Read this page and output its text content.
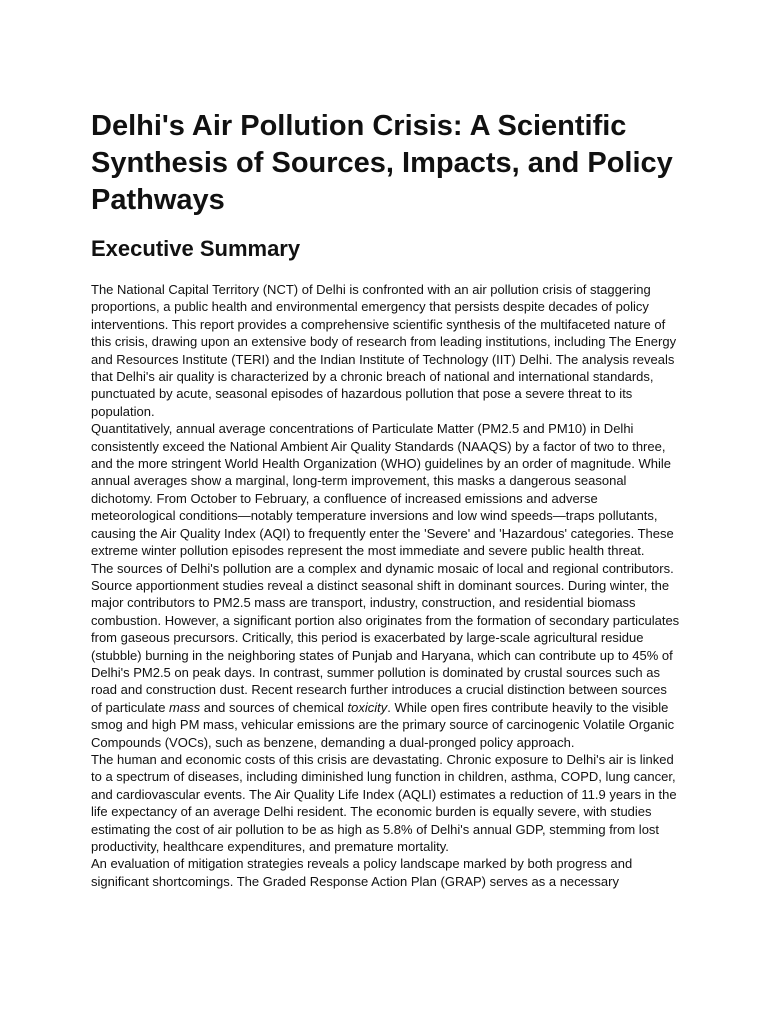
Delhi's Air Pollution Crisis: A Scientific Synthesis of Sources, Impacts, and Policy Pathways
Executive Summary

The National Capital Territory (NCT) of Delhi is confronted with an air pollution crisis of staggering proportions, a public health and environmental emergency that persists despite decades of policy interventions. This report provides a comprehensive scientific synthesis of the multifaceted nature of this crisis, drawing upon an extensive body of research from leading institutions, including The Energy and Resources Institute (TERI) and the Indian Institute of Technology (IIT) Delhi. The analysis reveals that Delhi's air quality is characterized by a chronic breach of national and international standards, punctuated by acute, seasonal episodes of hazardous pollution that pose a severe threat to its population.

Quantitatively, annual average concentrations of Particulate Matter (PM2.5 and PM10) in Delhi consistently exceed the National Ambient Air Quality Standards (NAAQS) by a factor of two to three, and the more stringent World Health Organization (WHO) guidelines by an order of magnitude. While annual averages show a marginal, long-term improvement, this masks a dangerous seasonal dichotomy. From October to February, a confluence of increased emissions and adverse meteorological conditions—notably temperature inversions and low wind speeds—traps pollutants, causing the Air Quality Index (AQI) to frequently enter the 'Severe' and 'Hazardous' categories. These extreme winter pollution episodes represent the most immediate and severe public health threat.

The sources of Delhi's pollution are a complex and dynamic mosaic of local and regional contributors. Source apportionment studies reveal a distinct seasonal shift in dominant sources. During winter, the major contributors to PM2.5 mass are transport, industry, construction, and residential biomass combustion. However, a significant portion also originates from the formation of secondary particulates from gaseous precursors. Critically, this period is exacerbated by large-scale agricultural residue (stubble) burning in the neighboring states of Punjab and Haryana, which can contribute up to 45% of Delhi's PM2.5 on peak days. In contrast, summer pollution is dominated by crustal sources such as road and construction dust. Recent research further introduces a crucial distinction between sources of particulate mass and sources of chemical toxicity. While open fires contribute heavily to the visible smog and high PM mass, vehicular emissions are the primary source of carcinogenic Volatile Organic Compounds (VOCs), such as benzene, demanding a dual-pronged policy approach.

The human and economic costs of this crisis are devastating. Chronic exposure to Delhi's air is linked to a spectrum of diseases, including diminished lung function in children, asthma, COPD, lung cancer, and cardiovascular events. The Air Quality Life Index (AQLI) estimates a reduction of 11.9 years in the life expectancy of an average Delhi resident. The economic burden is equally severe, with studies estimating the cost of air pollution to be as high as 5.8% of Delhi's annual GDP, stemming from lost productivity, healthcare expenditures, and premature mortality.

An evaluation of mitigation strategies reveals a policy landscape marked by both progress and significant shortcomings. The Graded Response Action Plan (GRAP) serves as a necessary
